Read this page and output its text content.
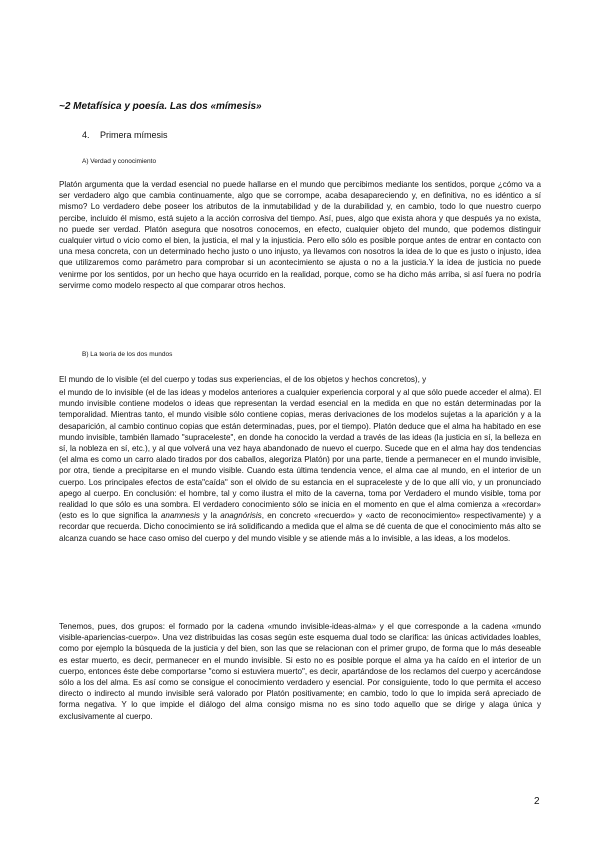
~2 Metafísica y poesía. Las dos «mímesis»
4. Primera mímesis
A) Verdad y conocimiento

Platón argumenta que la verdad esencial no puede hallarse en el mundo que percibimos mediante los sentidos, porque ¿cómo va a ser verdadero algo que cambia continuamente, algo que se corrompe, acaba desapareciendo y, en definitiva, no es idéntico a sí mismo? Lo verdadero debe poseer los atributos de la inmutabilidad y de la durabilidad y, en cambio, todo lo que nuestro cuerpo percibe, incluido él mismo, está sujeto a la acción corrosiva del tiempo. Así, pues, algo que exista ahora y que después ya no exista, no puede ser verdad. Platón asegura que nosotros conocemos, en efecto, cualquier objeto del mundo, que podemos distinguir cualquier virtud o vicio como el bien, la justicia, el mal y la injusticia. Pero ello sólo es posible porque antes de entrar en contacto con una mesa concreta, con un determinado hecho justo o uno injusto, ya llevamos con nosotros la idea de lo que es justo o injusto, idea que utilizaremos como parámetro para comprobar si un acontecimiento se ajusta o no a la justicia.Y la idea de justicia no puede venirme por los sentidos, por un hecho que haya ocurrido en la realidad, porque, como se ha dicho más arriba, si así fuera no podría servirme como modelo respecto al que comparar otros hechos.

B) La teoría de los dos mundos

El mundo de lo visible (el del cuerpo y todas sus experiencias, el de los objetos y hechos concretos), y

el mundo de lo invisible (el de las ideas y modelos anteriores a cualquier experiencia corporal y al que sólo puede acceder el alma). El mundo invisible contiene modelos o ideas que representan la verdad esencial en la medida en que no están determinadas por la temporalidad. Mientras tanto, el mundo visible sólo contiene copias, meras derivaciones de los modelos sujetas a la aparición y a la desaparición, al cambio continuo copias que están determinadas, pues, por el tiempo). Platón deduce que el alma ha habitado en ese mundo invisible, también llamado "supraceleste", en donde ha conocido la verdad a través de las ideas (la justicia en sí, la belleza en sí, la nobleza en sí, etc.), y al que volverá una vez haya abandonado de nuevo el cuerpo. Sucede que en el alma hay dos tendencias (el alma es como un carro alado tirados por dos caballos, alegoriza Platón) por una parte, tiende a permanecer en el mundo invisible, por otra, tiende a precipitarse en el mundo visible. Cuando esta última tendencia vence, el alma cae al mundo, en el interior de un cuerpo. Los principales efectos de esta"caída" son el olvido de su estancia en el supraceleste y de lo que allí vio, y un pronunciado apego al cuerpo. En conclusión: el hombre, tal y como ilustra el mito de la caverna, toma por Verdadero el mundo visible, toma por realidad lo que sólo es una sombra. El verdadero conocimiento sólo se inicia en el momento en que el alma comienza a «recordar» (esto es lo que significa la anamnesis y la anagnórisis, en concreto «recuerdo» y «acto de reconocimiento» respectivamente) y a recordar que recuerda. Dicho conocimiento se irá solidificando a medida que el alma se dé cuenta de que el conocimiento más alto se alcanza cuando se hace caso omiso del cuerpo y del mundo visible y se atiende más a lo invisible, a las ideas, a los modelos.

Tenemos, pues, dos grupos: el formado por la cadena «mundo invisible-ideas-alma» y el que corresponde a la cadena «mundo visible-apariencias-cuerpo». Una vez distribuidas las cosas según este esquema dual todo se clarifica: las únicas actividades loables, como por ejemplo la búsqueda de la justicia y del bien, son las que se relacionan con el primer grupo, de forma que lo más deseable es estar muerto, es decir, permanecer en el mundo invisible. Si esto no es posible porque el alma ya ha caído en el interior de un cuerpo, entonces éste debe comportarse "como si estuviera muerto", es decir, apartándose de los reclamos del cuerpo y acercándose sólo a los del alma. Es así como se consigue el conocimiento verdadero y esencial. Por consiguiente, todo lo que permita el acceso directo o indirecto al mundo invisible será valorado por Platón positivamente; en cambio, todo lo que lo impida será apreciado de forma negativa. Y lo que impide el diálogo del alma consigo misma no es sino todo aquello que se dirige y alaga única y exclusivamente al cuerpo.

2
